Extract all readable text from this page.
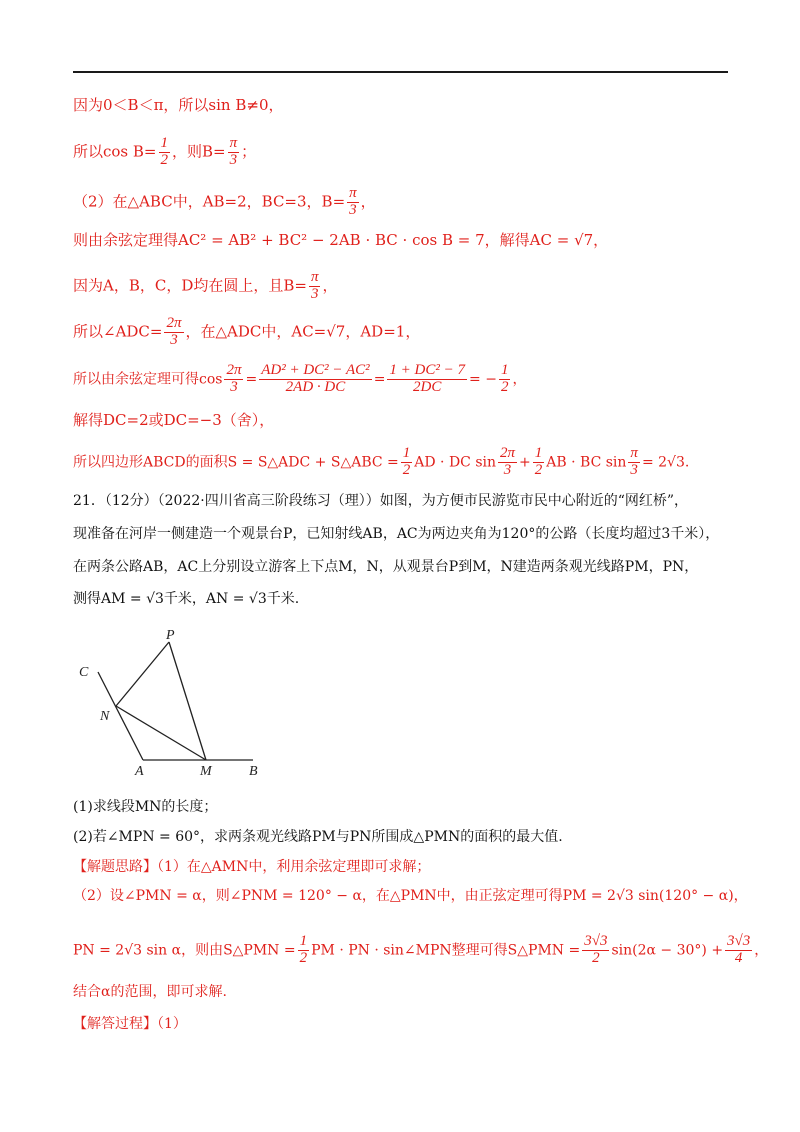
因为0＜B＜π，所以sin B≠0，
所以$\cos B= \frac{1}{2}$ ，则$B= \frac{\pi}{3}$ ；
（2）在△ABC中，AB=2，BC=3，$B= \frac{\pi}{3}$ ，
则由余弦定理得AC² = AB² + BC² − 2AB · BC · cos B = 7，解得AC = √7，
因为A，B，C，D均在圆上，且$B= \frac{\pi}{3}$ ，
所以∠ADC= $\frac{2\pi}{3}$ ，在△ADC中，AC=√7，AD=1，
所以由余弦定理可得$\cos \frac{2\pi}{3} = \frac{\text{AD² + DC² − AC²}}{2AD \cdot DC} = \frac{\text{1 + DC² − 7}}{2DC}$ = − $\frac{1}{2}$ ，
解得DC=2或DC=−3（舍），
所以四边形ABCD的面积S = S△ADC + S△ABC = $\frac{1}{2}$ AD · DC $\sin \frac{2\pi}{3} + \frac{1}{2}$ AB · BC $\sin \frac{\pi}{3} = 2√3$.
21．（12分）（2022·四川省高三阶段练习（理））如图，为方便市民游览市民中心附近的“网红桥”，
现准备在河岸一侧建造一个观景台P，已知射线AB，AC为两边夹角为120°的公路（长度均超过3千米），
在两条公路AB，AC上分别设立游客上下点M，N，从观景台P到M，N建造两条观光线路PM，PN，
测得AM = √3千米，AN = √3千米.
P
C
N
A	M	B
(1)求线段MN的长度；
(2)若∠MPN = 60°，求两条观光线路PM与PN所围成△PMN的面积的最大值.
【解题思路】（1）在△AMN中，利用余弦定理即可求解；
（2）设∠PMN = α，则∠PNM = 120° − α，在△PMN中，由正弦定理可得PM = 2√3 sin(120° − α)，
PN = 2√3 sin α，则由S△PMN = $\frac{1}{2}$ PM · PN · sin∠MPN整理可得S△PMN = $\frac{3√3}{2} \sin(2\alpha - 30^\circ) + \frac{3√3}{4}$ ，
结合α的范围，即可求解.
【解答过程】（1）
